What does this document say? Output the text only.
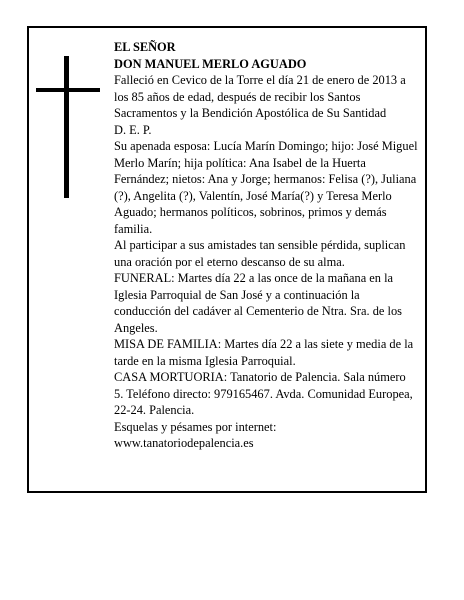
EL SEÑOR

DON MANUEL MERLO AGUADO

Falleció en Cevico de la Torre el día 21 de enero de 2013 a los 85 años de edad, después de recibir los Santos Sacramentos y la Bendición Apostólica de Su Santidad

D. E. P.

Su apenada esposa: Lucía Marín Domingo; hijo: José Miguel Merlo Marín; hija política: Ana Isabel de la Huerta Fernández; nietos: Ana y Jorge; hermanos: Felisa (?), Juliana (?), Angelita (?), Valentín, José María(?) y Teresa Merlo Aguado; hermanos políticos, sobrinos, primos y demás familia.

Al participar a sus amistades tan sensible pérdida, suplican una oración por el eterno descanso de su alma.

FUNERAL: Martes día 22 a las once de la mañana en la Iglesia Parroquial de San José y a continuación la conducción del cadáver al Cementerio de Ntra. Sra. de los Angeles.

MISA DE FAMILIA: Martes día 22 a las siete y media de la tarde en la misma Iglesia Parroquial.

CASA MORTUORIA: Tanatorio de Palencia. Sala número 5. Teléfono directo: 979165467. Avda. Comunidad Europea, 22-24. Palencia.

Esquelas y pésames por internet:

www.tanatoriodepalencia.es
